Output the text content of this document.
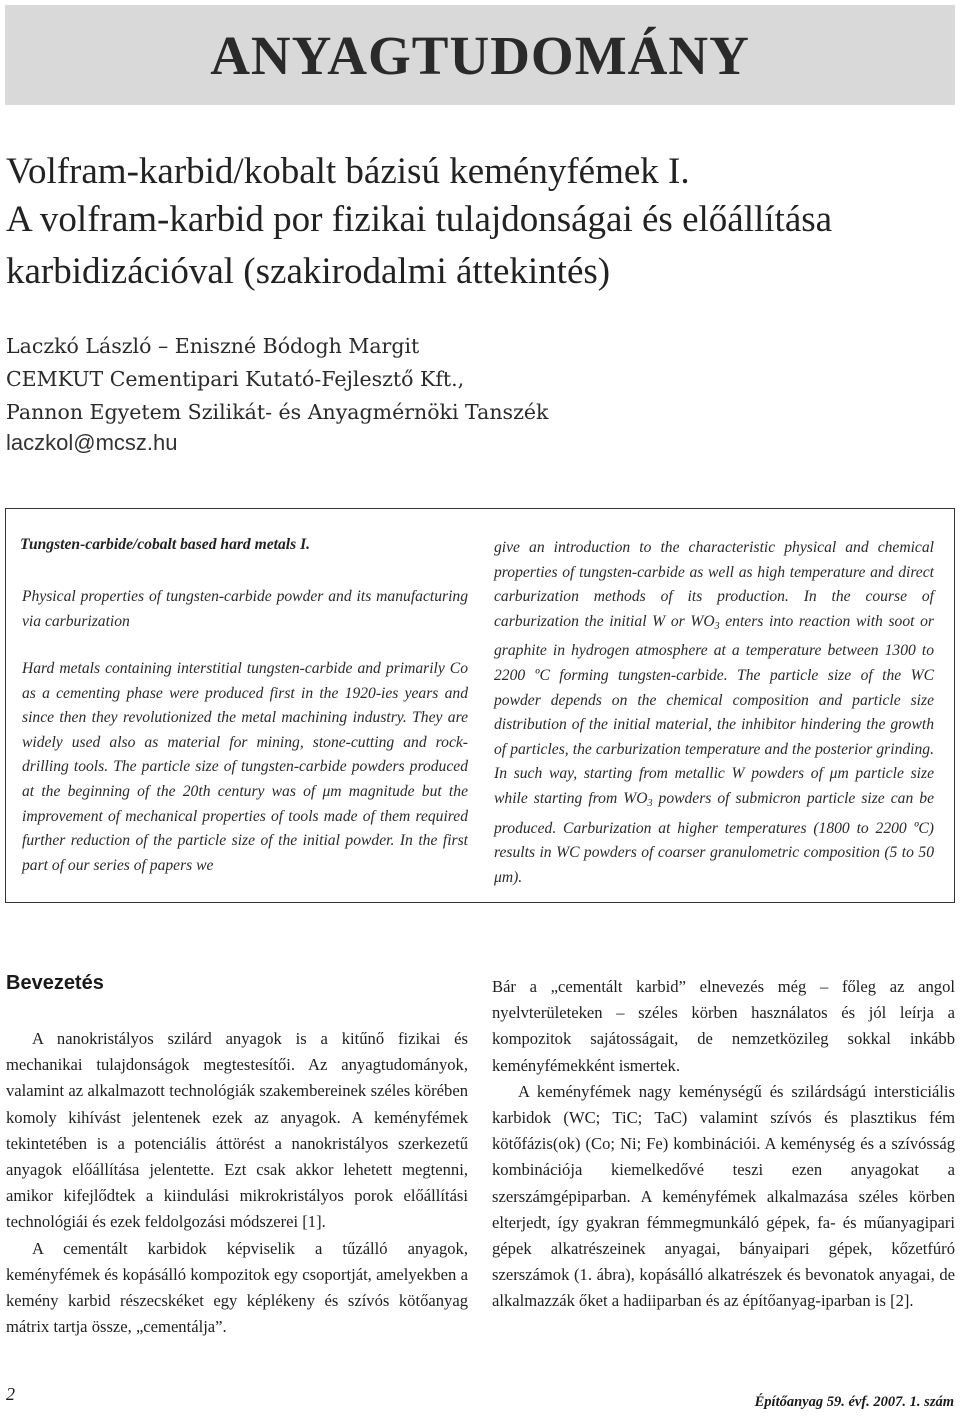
ANYAGTUDOMÁNY
Volfram-karbid/kobalt bázisú keményfémek I.
A volfram-karbid por fizikai tulajdonságai és előállítása
karbidizációval (szakirodalmi áttekintés)
Laczkó László – Eniszné Bódogh Margit
CEMKUT Cementipari Kutató-Fejlesztő Kft.,
Pannon Egyetem Szilikát- és Anyagmérnöki Tanszék
laczkol@mcsz.hu
Tungsten-carbide/cobalt based hard metals I.

Physical properties of tungsten-carbide powder and its manufacturing via carburization

Hard metals containing interstitial tungsten-carbide and primarily Co as a cementing phase were produced first in the 1920-ies years and since then they revolutionized the metal machining industry. They are widely used also as material for mining, stone-cutting and rock-drilling tools. The particle size of tungsten-carbide powders produced at the beginning of the 20th century was of μm magnitude but the improvement of mechanical properties of tools made of them required further reduction of the particle size of the initial powder. In the first part of our series of papers we

give an introduction to the characteristic physical and chemical properties of tungsten-carbide as well as high temperature and direct carburization methods of its production. In the course of carburization the initial W or $WO_3$ enters into reaction with soot or graphite in hydrogen atmosphere at a temperature between 1300 to 2200 ºC forming tungsten-carbide. The particle size of the WC powder depends on the chemical composition and particle size distribution of the initial material, the inhibitor hindering the growth of particles, the carburization temperature and the posterior grinding. In such way, starting from metallic W powders of μm particle size while starting from $WO_3$ powders of submicron particle size can be produced. Carburization at higher temperatures (1800 to 2200 ºC) results in WC powders of coarser granulometric composition (5 to 50 μm).

Bevezetés

A nanokristályos szilárd anyagok is a kitűnő fizikai és mechanikai tulajdonságok megtestesítői. Az anyagtudományok, valamint az alkalmazott technológiák szakembereinek széles körében komoly kihívást jelentenek ezek az anyagok. A keményfémek tekintetében is a potenciális áttörést a nanokristályos szerkezetű anyagok előállítása jelentette. Ezt csak akkor lehetett megtenni, amikor kifejlődtek a kiindulási mikrokristályos porok előállítási technológiái és ezek feldolgozási módszerei [1].

A cementált karbidok képviselik a tűzálló anyagok, keményfémek és kopásálló kompozitok egy csoportját, amelyekben a kemény karbid részecskéket egy képlékeny és szívós kötőanyag mátrix tartja össze, „cementálja”.

Bár a „cementált karbid” elnevezés még – főleg az angol nyelvterületeken – széles körben használatos és jól leírja a kompozitok sajátosságait, de nemzetközileg sokkal inkább keményfémekként ismertek.

A keményfémek nagy keménységű és szilárdságú intersticiális karbidok (WC; TiC; TaC) valamint szívós és plasztikus fém kötőfázis(ok) (Co; Ni; Fe) kombinációi. A keménység és a szívósság kombinációja kiemelkedővé teszi ezen anyagokat a szerszámgépiparban. A keményfémek alkalmazása széles körben elterjedt, így gyakran fémmegmunkáló gépek, fa- és műanyagipari gépek alkatrészeinek anyagai, bányaipari gépek, kőzetfúró szerszámok (1. ábra), kopásálló alkatrészek és bevonatok anyagai, de alkalmazzák őket a hadiiparban és az építőanyag-iparban is [2].

2	Építőanyag 59. évf. 2007. 1. szám
